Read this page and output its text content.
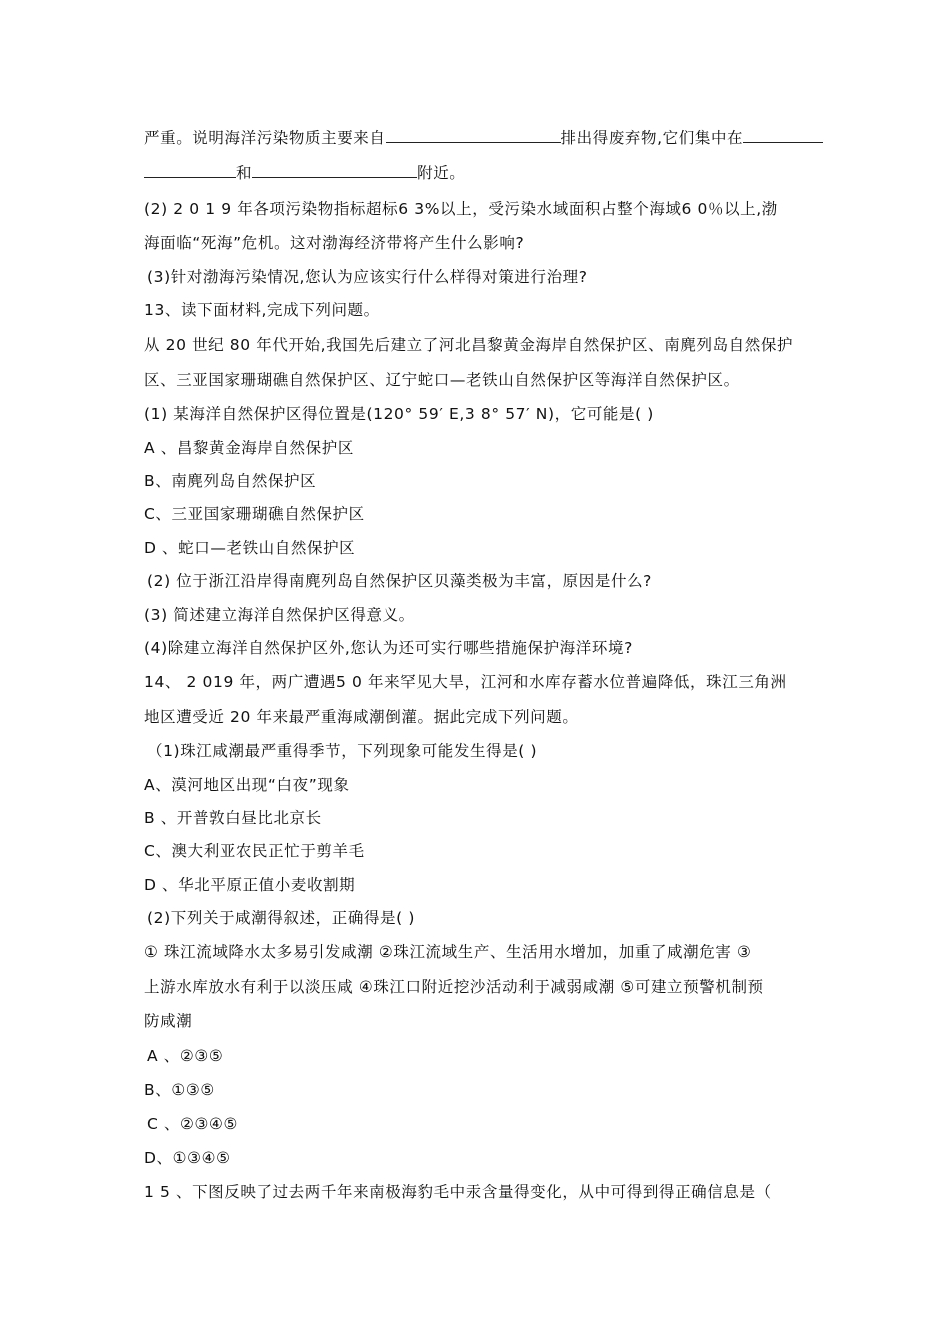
严重。说明海洋污染物质主要来自	排出得废弃物,它们集中在
和	附近。
(2) 2 0 1 9 年各项污染物指标超标6 3%以上，受污染水域面积占整个海域6 0％以上,渤
海面临“死海”危机。这对渤海经济带将产生什么影响?
(3)针对渤海污染情况,您认为应该实行什么样得对策进行治理?
13、读下面材料,完成下列问题。
从 20 世纪 80 年代开始,我国先后建立了河北昌黎黄金海岸自然保护区、南麂列岛自然保护
区、三亚国家珊瑚礁自然保护区、辽宁蛇口—老铁山自然保护区等海洋自然保护区。
(1) 某海洋自然保护区得位置是(120° 59′ E,3 8° 57′ N)，它可能是( )
A 、昌黎黄金海岸自然保护区
B、南麂列岛自然保护区
C、三亚国家珊瑚礁自然保护区
D 、蛇口—老铁山自然保护区
(2) 位于浙江沿岸得南麂列岛自然保护区贝藻类极为丰富，原因是什么?
(3) 简述建立海洋自然保护区得意义。
(4)除建立海洋自然保护区外,您认为还可实行哪些措施保护海洋环境?
14、 2 019 年，两广遭遇5 0 年来罕见大旱，江河和水库存蓄水位普遍降低，珠江三角洲
地区遭受近 20 年来最严重海咸潮倒灌。据此完成下列问题。
（1)珠江咸潮最严重得季节，下列现象可能发生得是( )
A、漠河地区出现“白夜”现象
B 、开普敦白昼比北京长
C、澳大利亚农民正忙于剪羊毛
D 、华北平原正值小麦收割期
(2)下列关于咸潮得叙述，正确得是( )
① 珠江流域降水太多易引发咸潮 ②珠江流域生产、生活用水增加，加重了咸潮危害 ③
上游水库放水有利于以淡压咸 ④珠江口附近挖沙活动利于减弱咸潮 ⑤可建立预警机制预
防咸潮
A 、②③⑤
B、①③⑤
C 、②③④⑤
D、①③④⑤
1 5 、下图反映了过去两千年来南极海豹毛中汞含量得变化，从中可得到得正确信息是（
